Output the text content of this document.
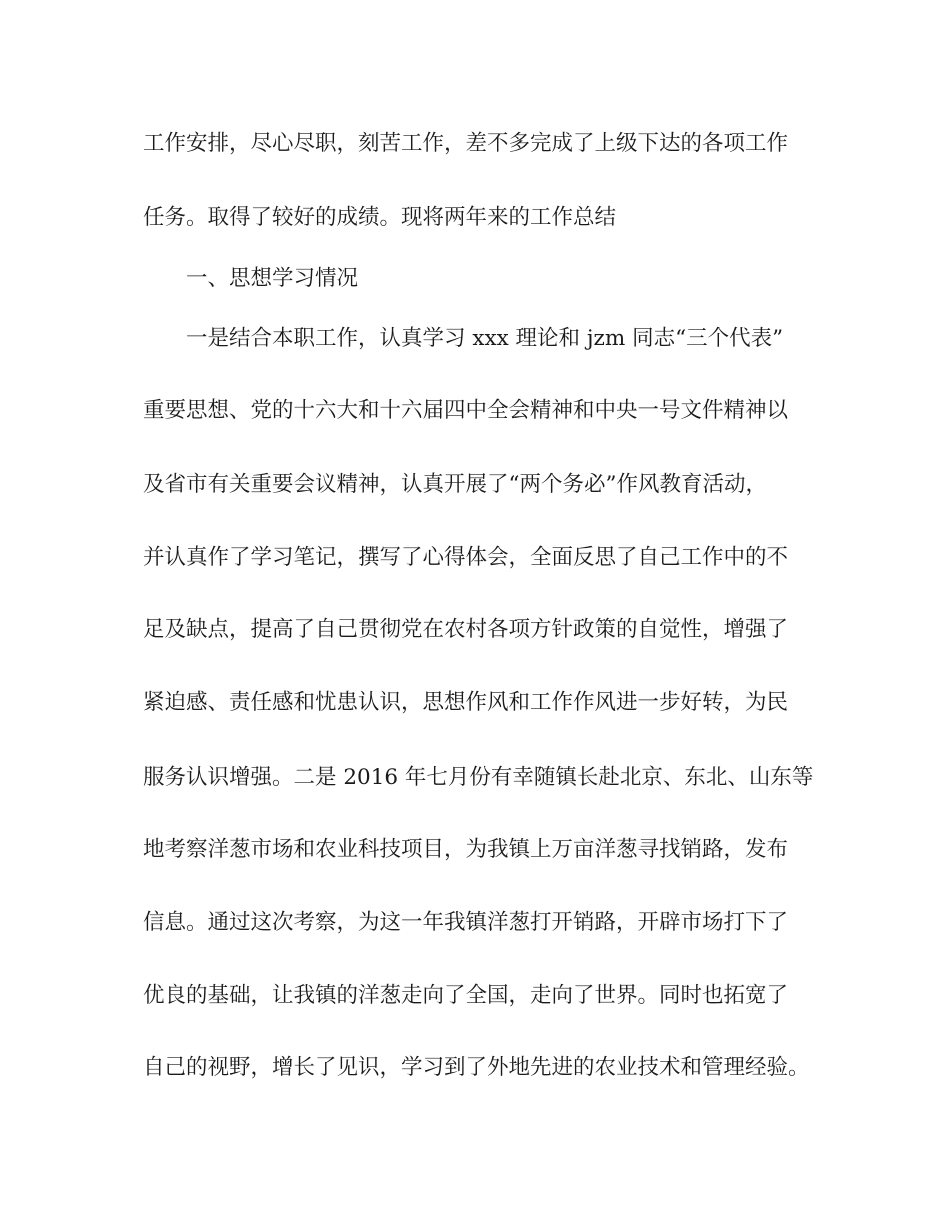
工作安排，尽心尽职，刻苦工作，差不多完成了上级下达的各项工作
任务。取得了较好的成绩。现将两年来的工作总结
一、思想学习情况
一是结合本职工作，认真学习 xxx 理论和 jzm 同志“三个代表”
重要思想、党的十六大和十六届四中全会精神和中央一号文件精神以
及省市有关重要会议精神，认真开展了“两个务必”作风教育活动，
并认真作了学习笔记，撰写了心得体会，全面反思了自己工作中的不
足及缺点，提高了自己贯彻党在农村各项方针政策的自觉性，增强了
紧迫感、责任感和忧患认识，思想作风和工作作风进一步好转，为民
服务认识增强。二是 2016 年七月份有幸随镇长赴北京、东北、山东等
地考察洋葱市场和农业科技项目，为我镇上万亩洋葱寻找销路，发布
信息。通过这次考察，为这一年我镇洋葱打开销路，开辟市场打下了
优良的基础，让我镇的洋葱走向了全国，走向了世界。同时也拓宽了
自己的视野，增长了见识，学习到了外地先进的农业技术和管理经验。
